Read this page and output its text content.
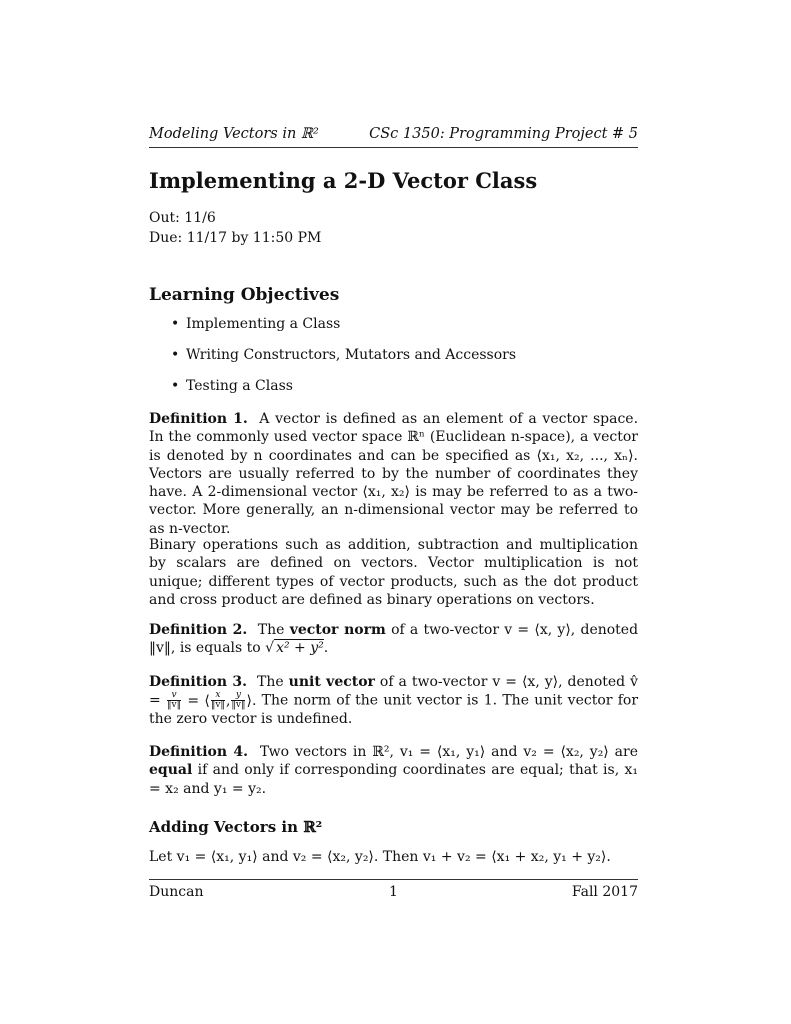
Modeling Vectors in ℝ²	CSc 1350: Programming Project # 5
Implementing a 2-D Vector Class
Out: 11/6
Due: 11/17 by 11:50 PM
Learning Objectives
• Implementing a Class
• Writing Constructors, Mutators and Accessors
• Testing a Class
Definition 1. A vector is defined as an element of a vector space. In the commonly used vector space ℝⁿ (Euclidean n-space), a vector is denoted by n coordinates and can be specified as ⟨x₁, x₂, ..., xₙ⟩. Vectors are usually referred to by the number of coordinates they have. A 2-dimensional vector ⟨x₁, x₂⟩ is may be referred to as a two-vector. More generally, an n-dimensional vector may be referred to as n-vector.
Binary operations such as addition, subtraction and multiplication by scalars are defined on vectors. Vector multiplication is not unique; different types of vector products, such as the dot product and cross product are defined as binary operations on vectors.
Definition 2. The vector norm of a two-vector v = ⟨x, y⟩, denoted ‖v‖, is equals to √ x² + y².
Definition 3. The unit vector of a two-vector v = ⟨x, y⟩, denoted v̂ = $\frac{v}{‖v‖}$ = ⟨ $\frac{x}{‖v‖}$ , $\frac{y}{‖v‖}$ ⟩. The norm of the unit vector is 1. The unit vector for the zero vector is undefined.
Definition 4. Two vectors in ℝ², v₁ = ⟨x₁, y₁⟩ and v₂ = ⟨x₂, y₂⟩ are equal if and only if corresponding coordinates are equal; that is, x₁ = x₂ and y₁ = y₂.
Adding Vectors in ℝ²
Let v₁ = ⟨x₁, y₁⟩ and v₂ = ⟨x₂, y₂⟩. Then v₁ + v₂ = ⟨x₁ + x₂, y₁ + y₂⟩.
Duncan	1	Fall 2017
